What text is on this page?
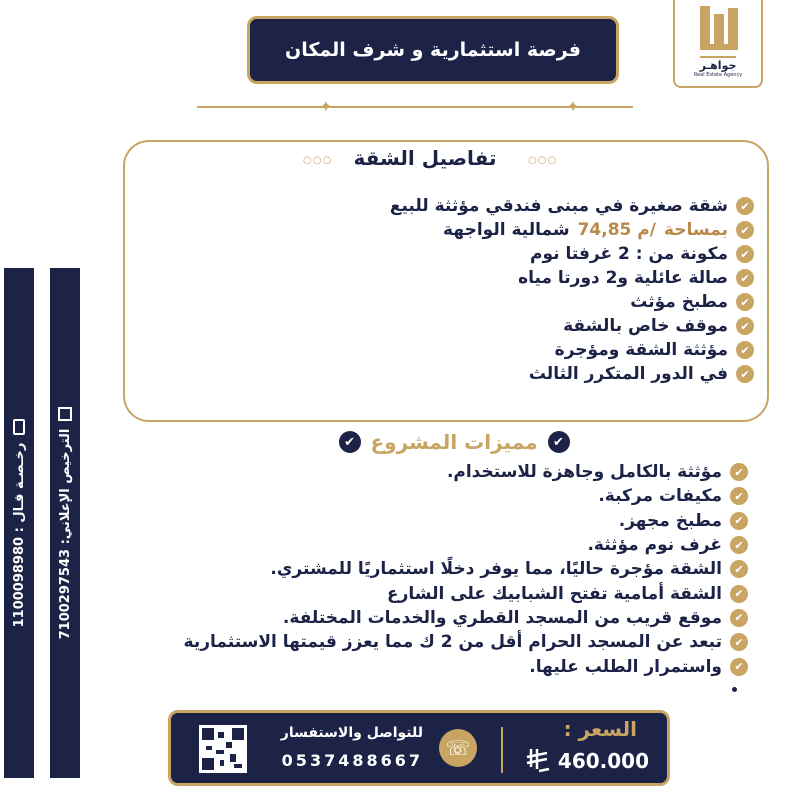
جواهـر
Real Estate Agency
فرصة استثمارية و شرف المكان
✦	✦
رخـصـة فـال : 1100098980
الترخيص الإعلاني: 7100297543
○○○	○○○
تفاصيل الشقة
✔
شقة صغيرة في مبنى فندقي مؤثثة للبيع
✔
بمساحة
74,85 م/
شمالية الواجهة
✔
مكونة من : 2 غرفتا نوم
✔
صالة عائلية و2 دورتا مياه
✔
مطبخ مؤثث
✔
موقف خاص بالشقة
✔
مؤثثة الشقة ومؤجرة
✔
في الدور المتكرر الثالث
✔
مميزات المشروع
✔
✔
مؤثثة بالكامل وجاهزة للاستخدام.
✔
مكيفات مركبة.
✔
مطبخ مجهز.
✔
غرف نوم مؤثثة.
✔
الشقة مؤجرة حاليًا، مما يوفر دخلًا استثماريًا للمشتري.
✔
الشقة أمامية تفتح الشبابيك على الشارع
✔
موقع قريب من المسجد القطري والخدمات المختلفة.
✔
تبعد عن المسجد الحرام أقل من 2 ك مما يعزز قيمتها الاستثمارية
✔
واستمرار الطلب عليها.
للتواصل والاستفسار
0537488667
☏
السعر :
460.000
